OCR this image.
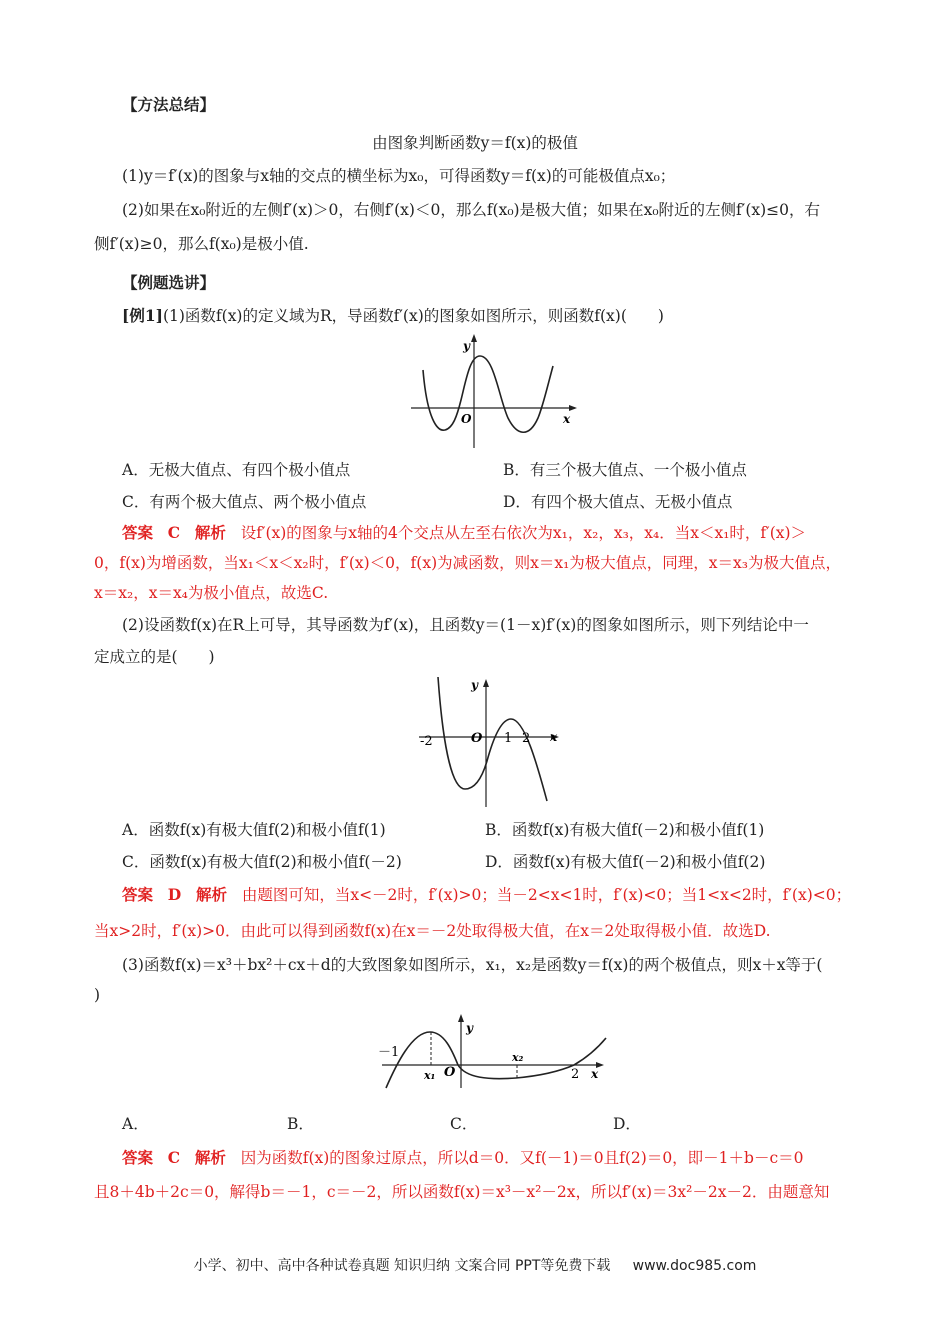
【方法总结】
由图象判断函数y＝f(x)的极值
(1)y＝f′(x)的图象与x轴的交点的横坐标为x₀，可得函数y＝f(x)的可能极值点x₀；
(2)如果在x₀附近的左侧f′(x)＞0，右侧f′(x)＜0，那么f(x₀)是极大值；如果在x₀附近的左侧f′(x)≤0，右
侧f′(x)≥0，那么f(x₀)是极小值.
【例题选讲】
[例1](1)函数f(x)的定义域为R，导函数f′(x)的图象如图所示，则函数f(x)(　　)
y
O	x
A．无极大值点、有四个极小值点	B．有三个极大值点、一个极小值点
C．有两个极大值点、两个极小值点	D．有四个极大值点、无极小值点
答案 C 解析 设f′(x)的图象与x轴的4个交点从左至右依次为x₁，x₂，x₃，x₄．当x＜x₁时，f′(x)＞
0，f(x)为增函数，当x₁＜x＜x₂时，f′(x)＜0，f(x)为减函数，则x＝x₁为极大值点，同理，x＝x₃为极大值点，
x＝x₂，x＝x₄为极小值点，故选C.
(2)设函数f(x)在R上可导，其导函数为f′(x)，且函数y＝(1－x)f′(x)的图象如图所示，则下列结论中一
定成立的是(　　)
y
-2	O 1 2 x
A．函数f(x)有极大值f(2)和极小值f(1)	B．函数f(x)有极大值f(－2)和极小值f(1)
C．函数f(x)有极大值f(2)和极小值f(－2)	D．函数f(x)有极大值f(－2)和极小值f(2)
答案 D 解析 由题图可知，当x<－2时，f′(x)>0；当－2<x<1时，f′(x)<0；当1<x<2时，f′(x)<0；
当x>2时，f′(x)>0．由此可以得到函数f(x)在x＝－2处取得极大值，在x＝2处取得极小值．故选D.
(3)函数f(x)＝x³＋bx²＋cx＋d的大致图象如图所示，x₁，x₂是函数y＝f(x)的两个极值点，则x＋x等于(
)
y
－1
x₁ O
x₂
2 x
A．	B．	C．	D．
答案 C 解析 因为函数f(x)的图象过原点，所以d＝0．又f(－1)＝0且f(2)＝0，即－1＋b－c＝0
且8＋4b＋2c＝0，解得b＝－1，c＝－2，所以函数f(x)＝x³－x²－2x，所以f′(x)＝3x²－2x－2．由题意知
小学、初中、高中各种试卷真题 知识归纳 文案合同 PPT等免费下载 www.doc985.com
